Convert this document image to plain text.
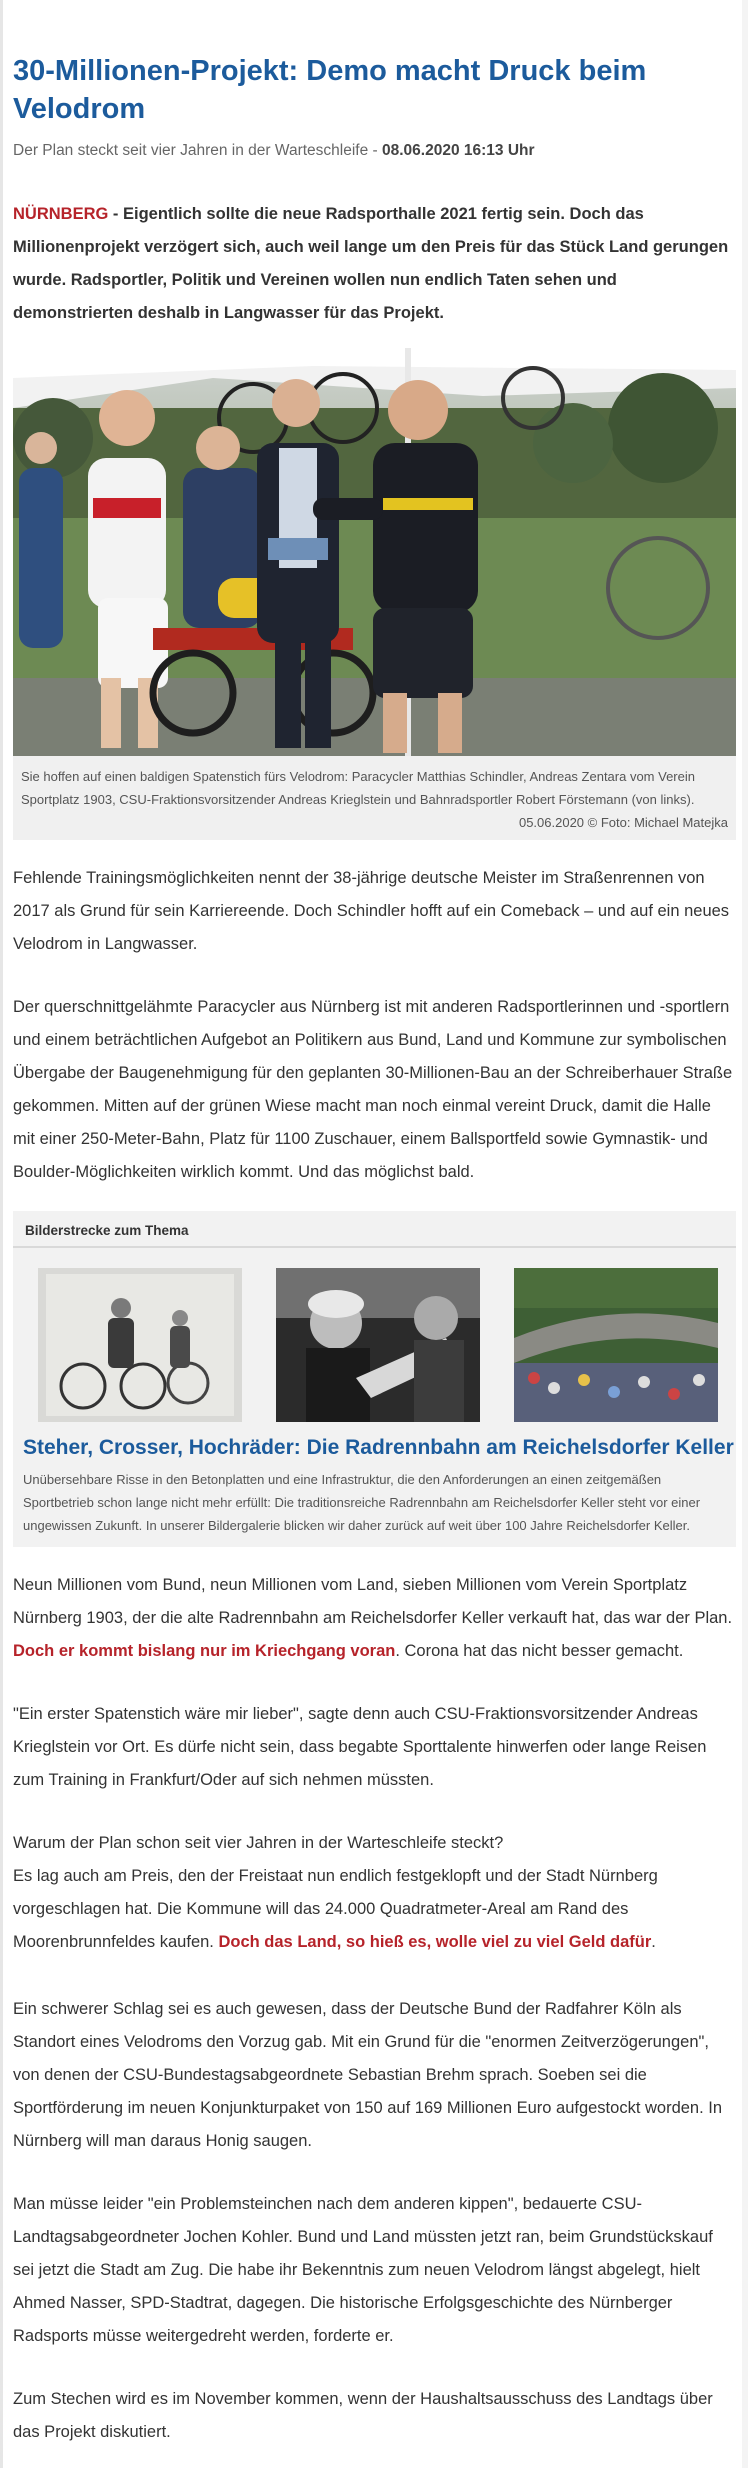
30-Millionen-Projekt: Demo macht Druck beim Velodrom
Der Plan steckt seit vier Jahren in der Warteschleife - 08.06.2020 16:13 Uhr
NÜRNBERG - Eigentlich sollte die neue Radsporthalle 2021 fertig sein. Doch das Millionenprojekt verzögert sich, auch weil lange um den Preis für das Stück Land gerungen wurde. Radsportler, Politik und Vereinen wollen nun endlich Taten sehen und demonstrierten deshalb in Langwasser für das Projekt.
Sie hoffen auf einen baldigen Spatenstich fürs Velodrom: Paracycler Matthias Schindler, Andreas Zentara vom Verein Sportplatz 1903, CSU-Fraktionsvorsitzender Andreas Krieglstein und Bahnradsportler Robert Förstemann (von links).
05.06.2020 © Foto: Michael Matejka

Fehlende Trainingsmöglichkeiten nennt der 38-jährige deutsche Meister im Straßenrennen von 2017 als Grund für sein Karriereende. Doch Schindler hofft auf ein Comeback – und auf ein neues Velodrom in Langwasser.

Der querschnittgelähmte Paracycler aus Nürnberg ist mit anderen Radsportlerinnen und -sportlern und einem beträchtlichen Aufgebot an Politikern aus Bund, Land und Kommune zur symbolischen Übergabe der Baugenehmigung für den geplanten 30-Millionen-Bau an der Schreiberhauer Straße gekommen. Mitten auf der grünen Wiese macht man noch einmal vereint Druck, damit die Halle mit einer 250-Meter-Bahn, Platz für 1100 Zuschauer, einem Ballsportfeld sowie Gymnastik- und Boulder-Möglichkeiten wirklich kommt. Und das möglichst bald.

Bilderstrecke zum Thema
Steher, Crosser, Hochräder: Die Radrennbahn am Reichelsdorfer Keller
Unübersehbare Risse in den Betonplatten und eine Infrastruktur, die den Anforderungen an einen zeitgemäßen Sportbetrieb schon lange nicht mehr erfüllt: Die traditionsreiche Radrennbahn am Reichelsdorfer Keller steht vor einer ungewissen Zukunft. In unserer Bildergalerie blicken wir daher zurück auf weit über 100 Jahre Reichelsdorfer Keller.

Neun Millionen vom Bund, neun Millionen vom Land, sieben Millionen vom Verein Sportplatz Nürnberg 1903, der die alte Radrennbahn am Reichelsdorfer Keller verkauft hat, das war der Plan. Doch er kommt bislang nur im Kriechgang voran. Corona hat das nicht besser gemacht.

"Ein erster Spatenstich wäre mir lieber", sagte denn auch CSU-Fraktionsvorsitzender Andreas Krieglstein vor Ort. Es dürfe nicht sein, dass begabte Sporttalente hinwerfen oder lange Reisen zum Training in Frankfurt/Oder auf sich nehmen müssten.

Warum der Plan schon seit vier Jahren in der Warteschleife steckt?
Es lag auch am Preis, den der Freistaat nun endlich festgeklopft und der Stadt Nürnberg vorgeschlagen hat. Die Kommune will das 24.000 Quadratmeter-Areal am Rand des Moorenbrunnfeldes kaufen. Doch das Land, so hieß es, wolle viel zu viel Geld dafür.

Ein schwerer Schlag sei es auch gewesen, dass der Deutsche Bund der Radfahrer Köln als Standort eines Velodroms den Vorzug gab. Mit ein Grund für die "enormen Zeitverzögerungen", von denen der CSU-Bundestagsabgeordnete Sebastian Brehm sprach. Soeben sei die Sportförderung im neuen Konjunkturpaket von 150 auf 169 Millionen Euro aufgestockt worden. In Nürnberg will man daraus Honig saugen.

Man müsse leider "ein Problemsteinchen nach dem anderen kippen", bedauerte CSU-Landtagsabgeordneter Jochen Kohler. Bund und Land müssten jetzt ran, beim Grundstückskauf sei jetzt die Stadt am Zug. Die habe ihr Bekenntnis zum neuen Velodrom längst abgelegt, hielt Ahmed Nasser, SPD-Stadtrat, dagegen. Die historische Erfolgsgeschichte des Nürnberger Radsports müsse weitergedreht werden, forderte er.

Zum Stechen wird es im November kommen, wenn der Haushaltsausschuss des Landtags über das Projekt diskutiert.
